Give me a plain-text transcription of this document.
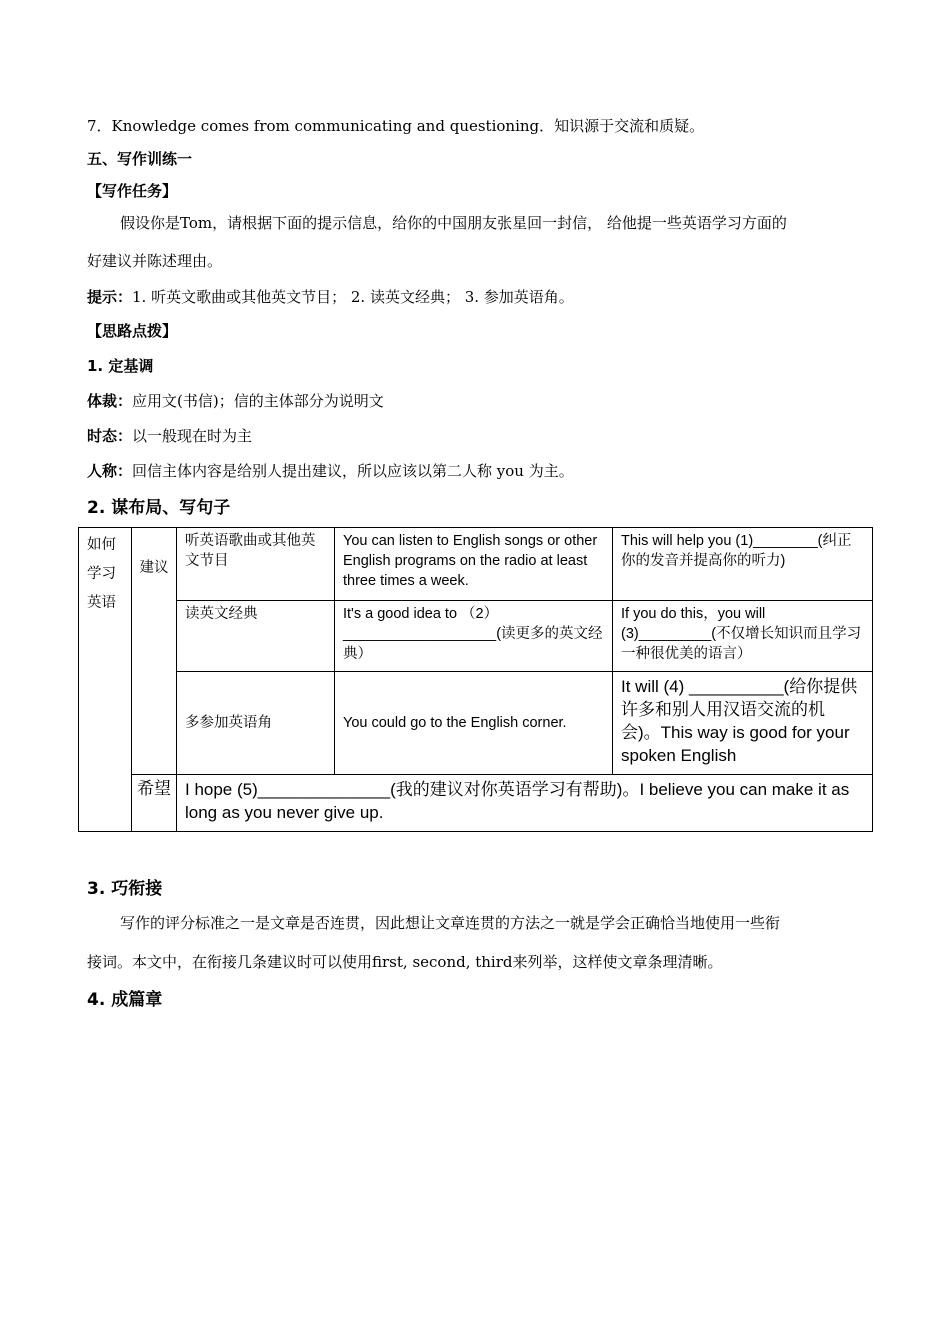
7．Knowledge comes from communicating and questioning．知识源于交流和质疑。
五、写作训练一
【写作任务】
假设你是Tom，请根据下面的提示信息，给你的中国朋友张星回一封信， 给他提一些英语学习方面的
好建议并陈述理由。
提示：1. 听英文歌曲或其他英文节目； 2. 读英文经典； 3. 参加英语角。
【思路点拨】
1. 定基调
体裁：应用文(书信)；信的主体部分为说明文
时态：以一般现在时为主
人称：回信主体内容是给别人提出建议，所以应该以第二人称 you 为主。
2. 谋布局、写句子
如何学习英语	建议	听英语歌曲或其他英文节目	You can listen to English songs or other English programs on the radio at least three times a week.	This will help you (1)________(纠正你的发音并提高你的听力)
		读英文经典	It's a good idea to （2）___________________(读更多的英文经典）	If you do this，you will (3)_________(不仅增长知识而且学习一种很优美的语言）
		多参加英语角	You could go to the English corner.	It will (4) __________(给你提供许多和别人用汉语交流的机会)。This way is good for your spoken English
	希望	I hope (5)______________(我的建议对你英语学习有帮助)。I believe you can make it as long as you never give up.		
3. 巧衔接
写作的评分标准之一是文章是否连贯，因此想让文章连贯的方法之一就是学会正确恰当地使用一些衔
接词。本文中，在衔接几条建议时可以使用first, second, third来列举，这样使文章条理清晰。
4. 成篇章
